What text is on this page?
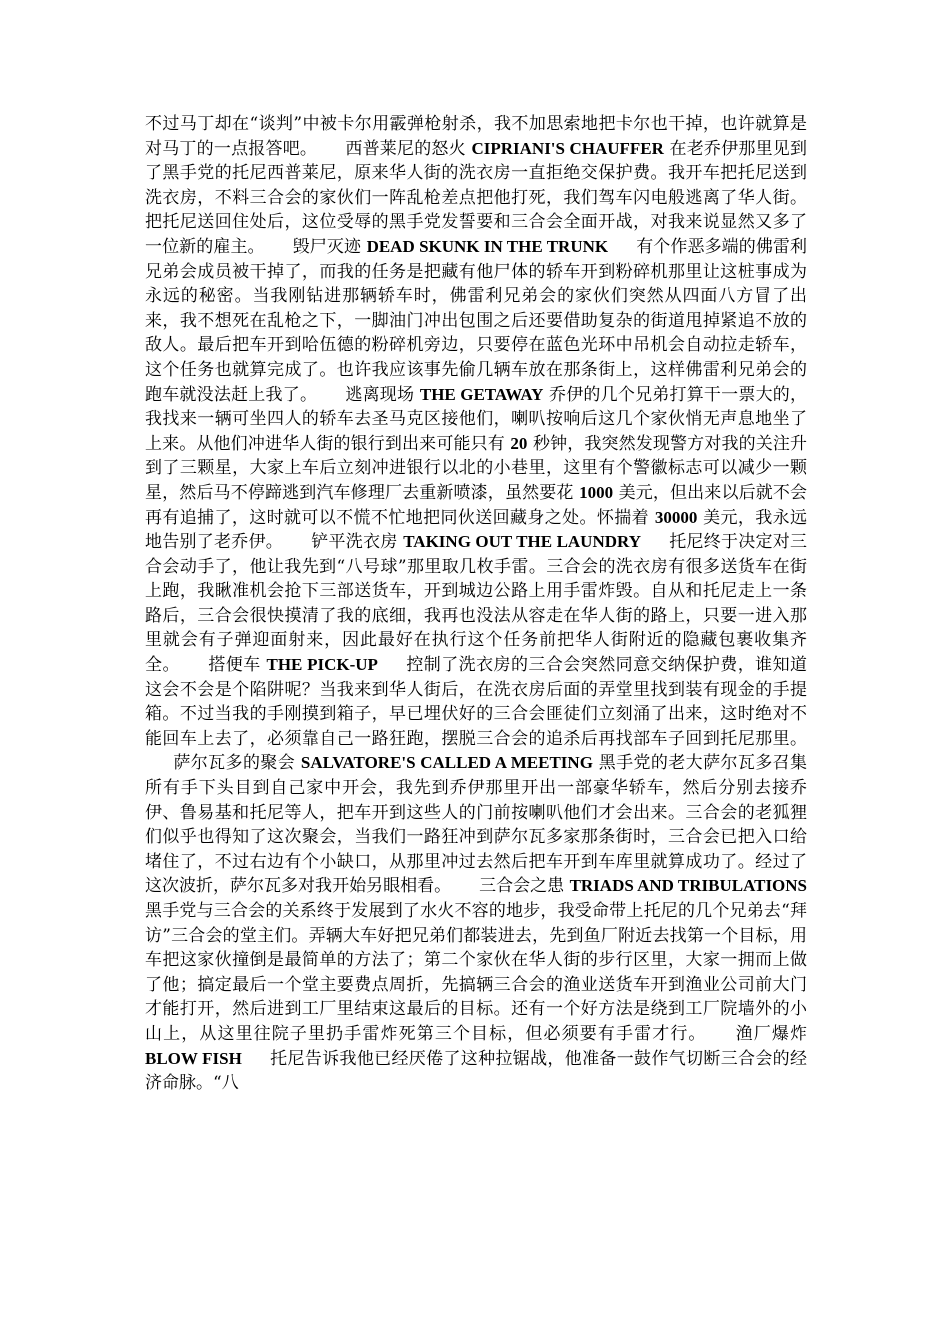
不过马丁却在“谈判”中被卡尔用霰弹枪射杀，我不加思索地把卡尔也干掉，也许就算是对马丁的一点报答吧。 西普莱尼的怒火 CIPRIANI'S CHAUFFER 在老乔伊那里见到了黑手党的托尼西普莱尼，原来华人街的洗衣房一直拒绝交保护费。我开车把托尼送到洗衣房，不料三合会的家伙们一阵乱枪差点把他打死，我们驾车闪电般逃离了华人街。把托尼送回住处后，这位受辱的黑手党发誓要和三合会全面开战，对我来说显然又多了一位新的雇主。 毁尸灭迹 DEAD SKUNK IN THE TRUNK 有个作恶多端的佛雷利兄弟会成员被干掉了，而我的任务是把藏有他尸体的轿车开到粉碎机那里让这桩事成为永远的秘密。当我刚钻进那辆轿车时，佛雷利兄弟会的家伙们突然从四面八方冒了出来，我不想死在乱枪之下，一脚油门冲出包围之后还要借助复杂的街道甩掉紧追不放的敌人。最后把车开到哈伍德的粉碎机旁边，只要停在蓝色光环中吊机会自动拉走轿车，这个任务也就算完成了。也许我应该事先偷几辆车放在那条街上，这样佛雷利兄弟会的跑车就没法赶上我了。 逃离现场 THE GETAWAY 乔伊的几个兄弟打算干一票大的，我找来一辆可坐四人的轿车去圣马克区接他们，喇叭按响后这几个家伙悄无声息地坐了上来。从他们冲进华人街的银行到出来可能只有 20 秒钟，我突然发现警方对我的关注升到了三颗星，大家上车后立刻冲进银行以北的小巷里，这里有个警徽标志可以减少一颗星，然后马不停蹄逃到汽车修理厂去重新喷漆，虽然要花 1000 美元，但出来以后就不会再有追捕了，这时就可以不慌不忙地把同伙送回藏身之处。怀揣着 30000 美元，我永远地告别了老乔伊。 铲平洗衣房 TAKING OUT THE LAUNDRY 托尼终于决定对三合会动手了，他让我先到“八号球”那里取几枚手雷。三合会的洗衣房有很多送货车在街上跑，我瞅准机会抢下三部送货车，开到城边公路上用手雷炸毁。自从和托尼走上一条路后，三合会很快摸清了我的底细，我再也没法从容走在华人街的路上，只要一进入那里就会有子弹迎面射来，因此最好在执行这个任务前把华人街附近的隐藏包裹收集齐全。 搭便车 THE PICK-UP 控制了洗衣房的三合会突然同意交纳保护费，谁知道这会不会是个陷阱呢？当我来到华人街后，在洗衣房后面的弄堂里找到装有现金的手提箱。不过当我的手刚摸到箱子，早已埋伏好的三合会匪徒们立刻涌了出来，这时绝对不能回车上去了，必须靠自己一路狂跑，摆脱三合会的追杀后再找部车子回到托尼那里。萨尔瓦多的聚会 SALVATORE'S CALLED A MEETING 黑手党的老大萨尔瓦多召集所有手下头目到自己家中开会，我先到乔伊那里开出一部豪华轿车，然后分别去接乔伊、鲁易基和托尼等人，把车开到这些人的门前按喇叭他们才会出来。三合会的老狐狸们似乎也得知了这次聚会，当我们一路狂冲到萨尔瓦多家那条街时，三合会已把入口给堵住了，不过右边有个小缺口，从那里冲过去然后把车开到车库里就算成功了。经过了这次波折，萨尔瓦多对我开始另眼相看。 三合会之患 TRIADS AND TRIBULATIONS 黑手党与三合会的关系终于发展到了水火不容的地步，我受命带上托尼的几个兄弟去“拜访”三合会的堂主们。弄辆大车好把兄弟们都装进去，先到鱼厂附近去找第一个目标，用车把这家伙撞倒是最简单的方法了；第二个家伙在华人街的步行区里，大家一拥而上做了他；搞定最后一个堂主要费点周折，先搞辆三合会的渔业送货车开到渔业公司前大门才能打开，然后进到工厂里结束这最后的目标。还有一个好方法是绕到工厂院墙外的小山上，从这里往院子里扔手雷炸死第三个目标，但必须要有手雷才行。 渔厂爆炸 BLOW FISH 托尼告诉我他已经厌倦了这种拉锯战，他准备一鼓作气切断三合会的经济命脉。“八
